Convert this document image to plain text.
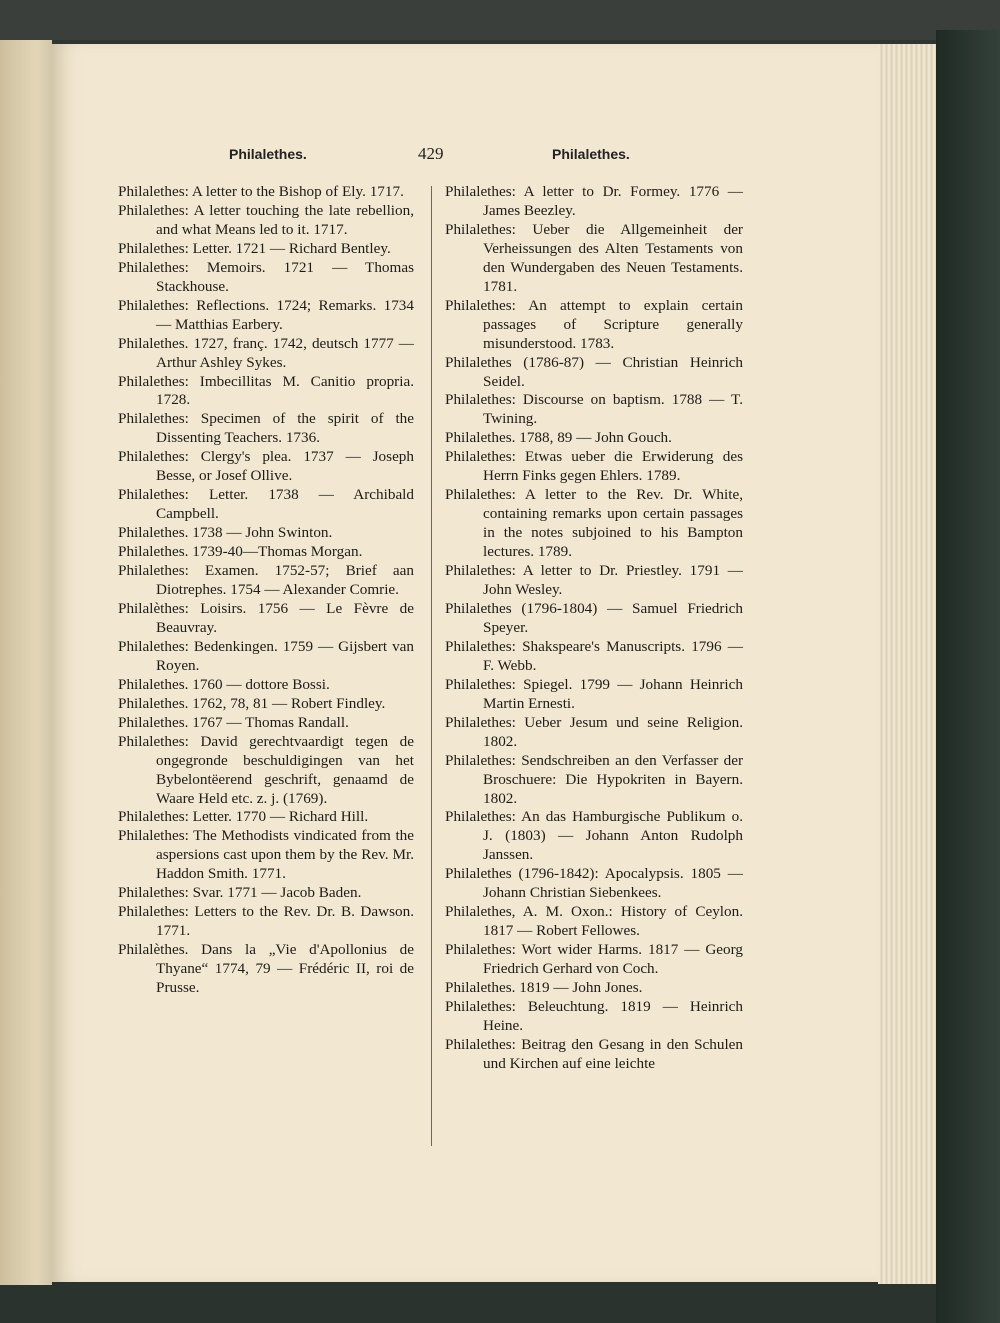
Philalethes.	429	Philalethes.

Philalethes: A letter to the Bishop of Ely. 1717.

Philalethes: A letter touching the late rebellion, and what Means led to it. 1717.

Philalethes: Letter. 1721 — Richard Bentley.

Philalethes: Memoirs. 1721 — Thomas Stackhouse.

Philalethes: Reflections. 1724; Remarks. 1734 — Matthias Earbery.

Philalethes. 1727, franç. 1742, deutsch 1777 — Arthur Ashley Sykes.

Philalethes: Imbecillitas M. Canitio propria. 1728.

Philalethes: Specimen of the spirit of the Dissenting Teachers. 1736.

Philalethes: Clergy's plea. 1737 — Joseph Besse, or Josef Ollive.

Philalethes: Letter. 1738 — Archibald Campbell.

Philalethes. 1738 — John Swinton.

Philalethes. 1739-40—Thomas Morgan.

Philalethes: Examen. 1752-57; Brief aan Diotrephes. 1754 — Alexander Comrie.

Philalèthes: Loisirs. 1756 — Le Fèvre de Beauvray.

Philalethes: Bedenkingen. 1759 — Gijsbert van Royen.

Philalethes. 1760 — dottore Bossi.

Philalethes. 1762, 78, 81 — Robert Findley.

Philalethes. 1767 — Thomas Randall.

Philalethes: David gerechtvaardigt tegen de ongegronde beschuldigingen van het Bybelontëerend geschrift, genaamd de Waare Held etc. z. j. (1769).

Philalethes: Letter. 1770 — Richard Hill.

Philalethes: The Methodists vindicated from the aspersions cast upon them by the Rev. Mr. Haddon Smith. 1771.

Philalethes: Svar. 1771 — Jacob Baden.

Philalethes: Letters to the Rev. Dr. B. Dawson. 1771.

Philalèthes. Dans la „Vie d'Apollonius de Thyane“ 1774, 79 — Frédéric II, roi de Prusse.

Philalethes: A letter to Dr. Formey. 1776 — James Beezley.

Philalethes: Ueber die Allgemeinheit der Verheissungen des Alten Testaments von den Wundergaben des Neuen Testaments. 1781.

Philalethes: An attempt to explain certain passages of Scripture generally misunderstood. 1783.

Philalethes (1786-87) — Christian Heinrich Seidel.

Philalethes: Discourse on baptism. 1788 — T. Twining.

Philalethes. 1788, 89 — John Gouch.

Philalethes: Etwas ueber die Erwiderung des Herrn Finks gegen Ehlers. 1789.

Philalethes: A letter to the Rev. Dr. White, containing remarks upon certain passages in the notes subjoined to his Bampton lectures. 1789.

Philalethes: A letter to Dr. Priestley. 1791 — John Wesley.

Philalethes (1796-1804) — Samuel Friedrich Speyer.

Philalethes: Shakspeare's Manuscripts. 1796 — F. Webb.

Philalethes: Spiegel. 1799 — Johann Heinrich Martin Ernesti.

Philalethes: Ueber Jesum und seine Religion. 1802.

Philalethes: Sendschreiben an den Verfasser der Broschuere: Die Hypokriten in Bayern. 1802.

Philalethes: An das Hamburgische Publikum o. J. (1803) — Johann Anton Rudolph Janssen.

Philalethes (1796-1842): Apocalypsis. 1805 — Johann Christian Siebenkees.

Philalethes, A. M. Oxon.: History of Ceylon. 1817 — Robert Fellowes.

Philalethes: Wort wider Harms. 1817 — Georg Friedrich Gerhard von Coch.

Philalethes. 1819 — John Jones.

Philalethes: Beleuchtung. 1819 — Heinrich Heine.

Philalethes: Beitrag den Gesang in den Schulen und Kirchen auf eine leichte
